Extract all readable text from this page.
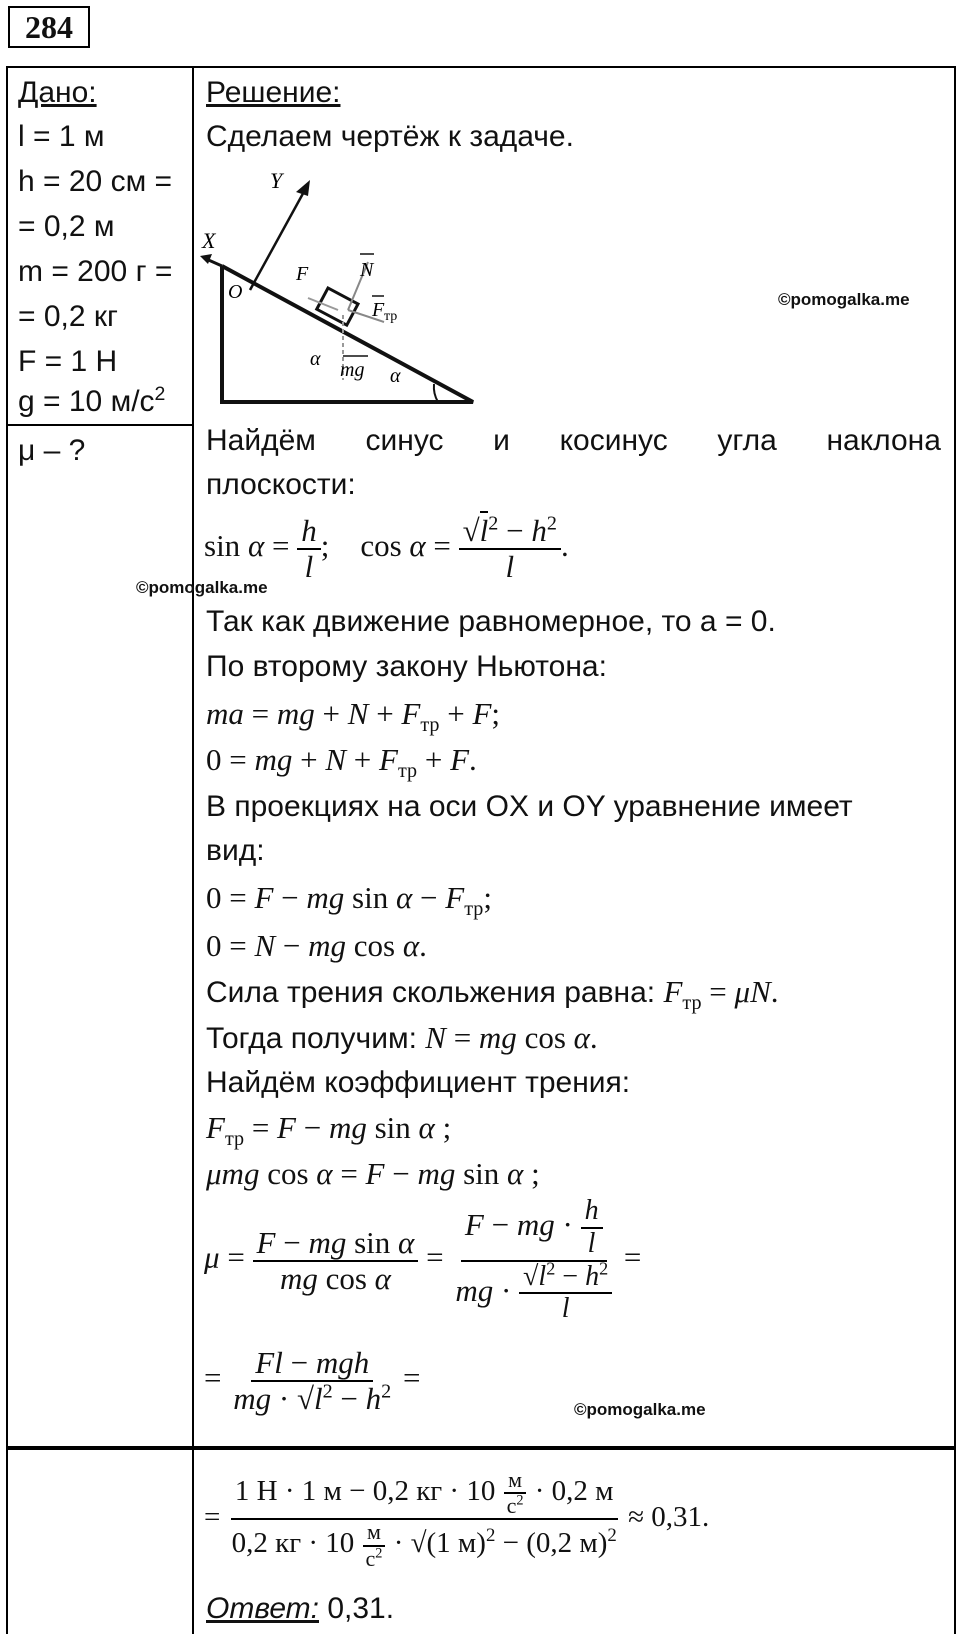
284
Дано:
l = 1 м
h = 20 см =
= 0,2 м
m = 200 г =
= 0,2 кг
F = 1 Н
g = 10 $м/с^2$
μ – ?
Решение:
Сделаем чертёж к задаче.
Y
X
O
F	N
F тр
α mg α
©pomogalka.me
Найдём синус и косинус угла наклона
плоскости:
$\sin \alpha = \frac{h}{l}$ ;    $\cos \alpha = \frac{√l^2 - h^2}{l}$ .
©pomogalka.me
Так как движение равномерное, то a = 0.
По второму закону Ньютона:
ma = mg + $N + F_{тр} + F$;
0 = mg + $N + F_{тр} + F$.
В проекциях на оси OX и OY уравнение имеет
вид:
0 = F − mg $\sin \alpha - F_{тр}$;
0 = N − mg cos α.
Сила трения скольжения равна: $F_{тр} = \mu N$.
Тогда получим: N = mg cos α.
Найдём коэффициент трения:
$F_{тр} = F$ − mg sin α ;
μmg cos α = F − mg sin α ;
$\mu = \frac{\text{F − mg sin α}}{\text{mg cos α}} = \frac{F - mg \cdot \frac{h}{l}}{mg \cdot \frac{√l^2 - h^2}{l}}$ =
= $\frac{\text{Fl − mgh}}{mg \cdot √l^2 - h^2}$ =
©pomogalka.me
= $\frac{1 Н \cdot 1 м - 0,2 кг \cdot 10 \frac{м}{с^2} \cdot 0,2 м}{0,2 кг \cdot 10 \frac{м}{с^2} \cdot √(1 м)^2 - (0,2 м)^2} \approx 0,31$.
Ответ: 0,31.
